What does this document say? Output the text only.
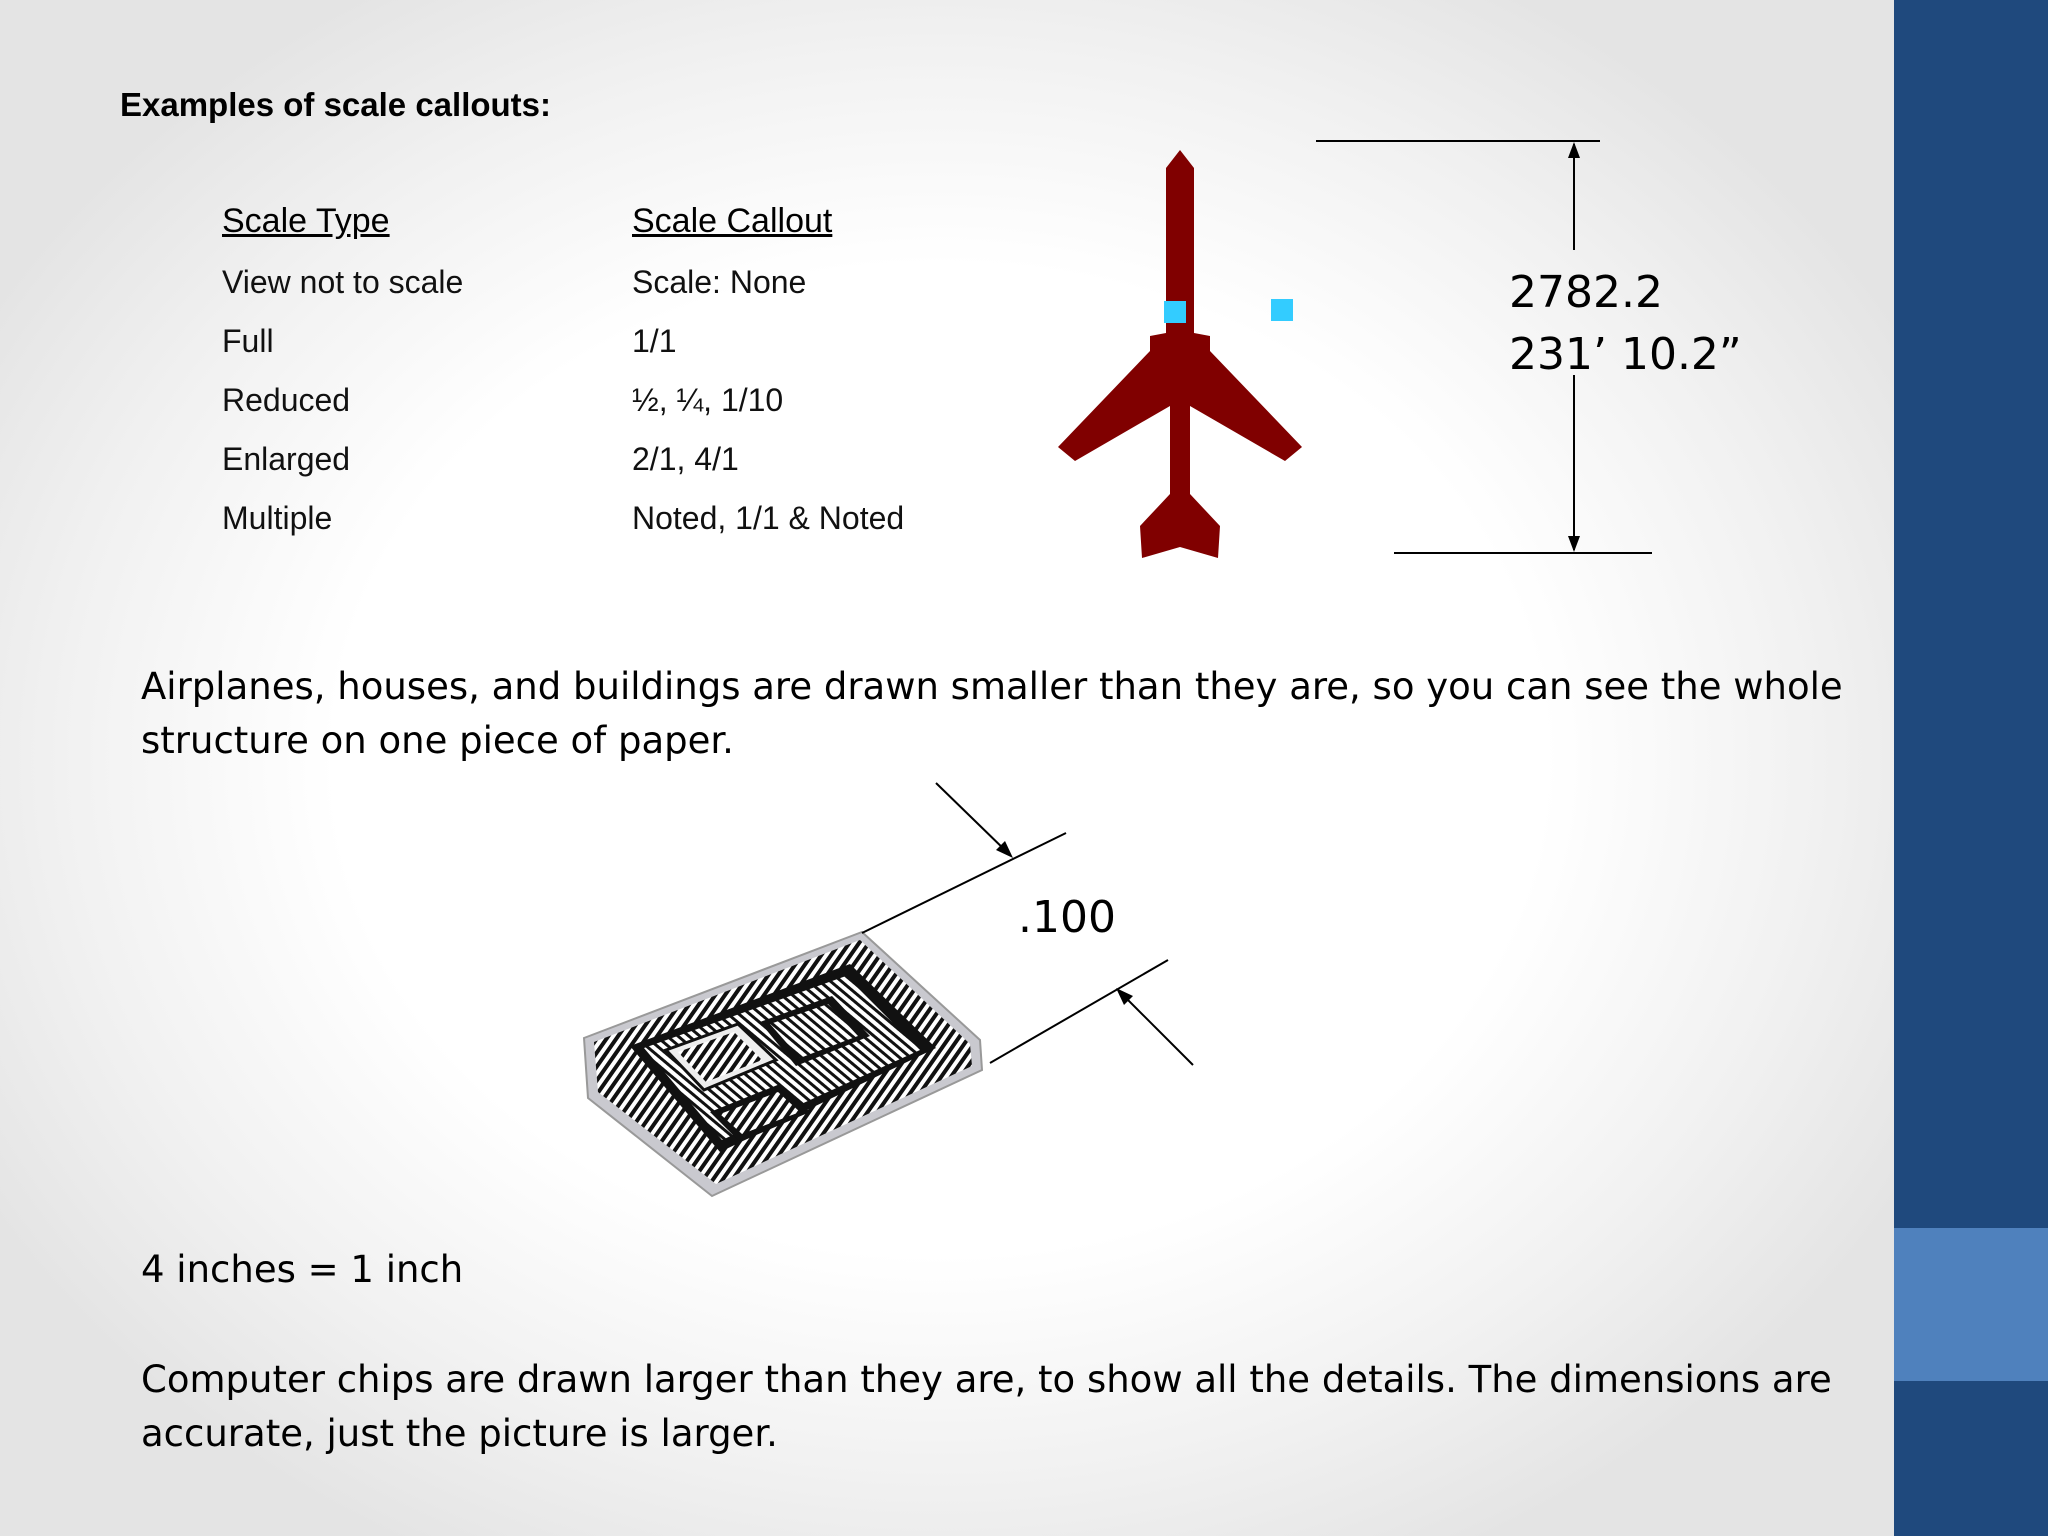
Examples of scale callouts:
Scale Type	Scale Callout
View not to scale	Scale: None
Full	1/1
Reduced	½, ¼, 1/10
Enlarged	2/1, 4/1
Multiple	Noted, 1/1 & Noted
2782.2
231’ 10.2”
Airplanes, houses, and buildings are drawn smaller than they are, so you can see the whole structure on one piece of paper.
.100
4 inches = 1 inch
Computer chips are drawn larger than they are, to show all the details. The dimensions are accurate, just the picture is larger.
